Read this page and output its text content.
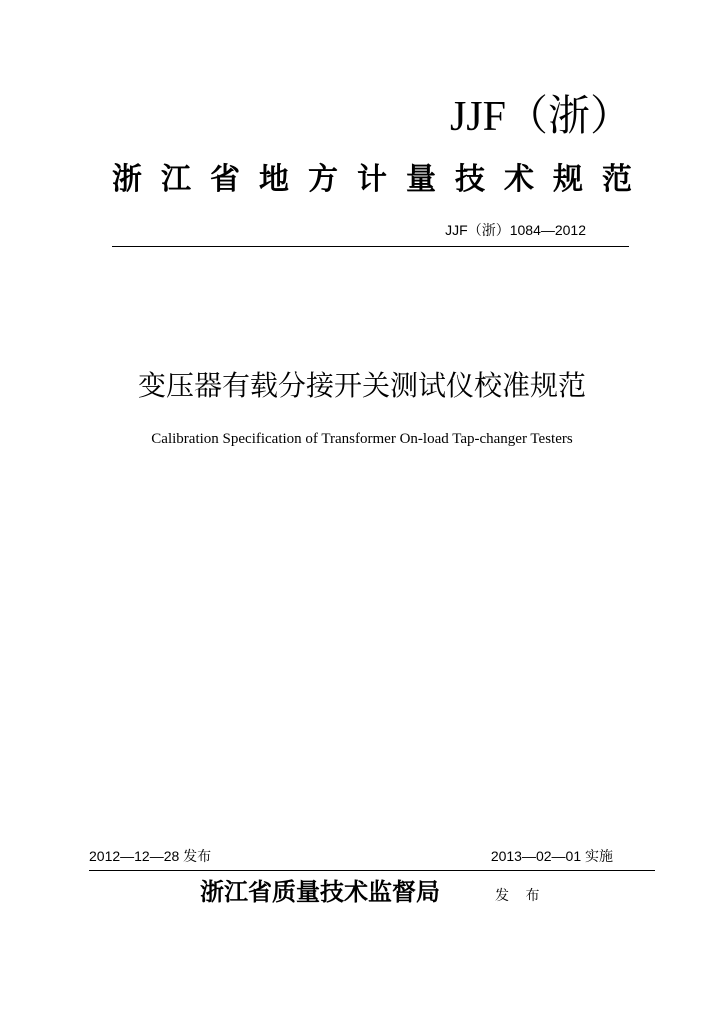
JJF（浙）
浙江省地方计量技术规范
JJF（浙）1084—2012
变压器有载分接开关测试仪校准规范
Calibration Specification of Transformer On-load Tap-changer Testers
2012—12—28 发布	2013—02—01 实施
浙江省质量技术监督局	发 布
